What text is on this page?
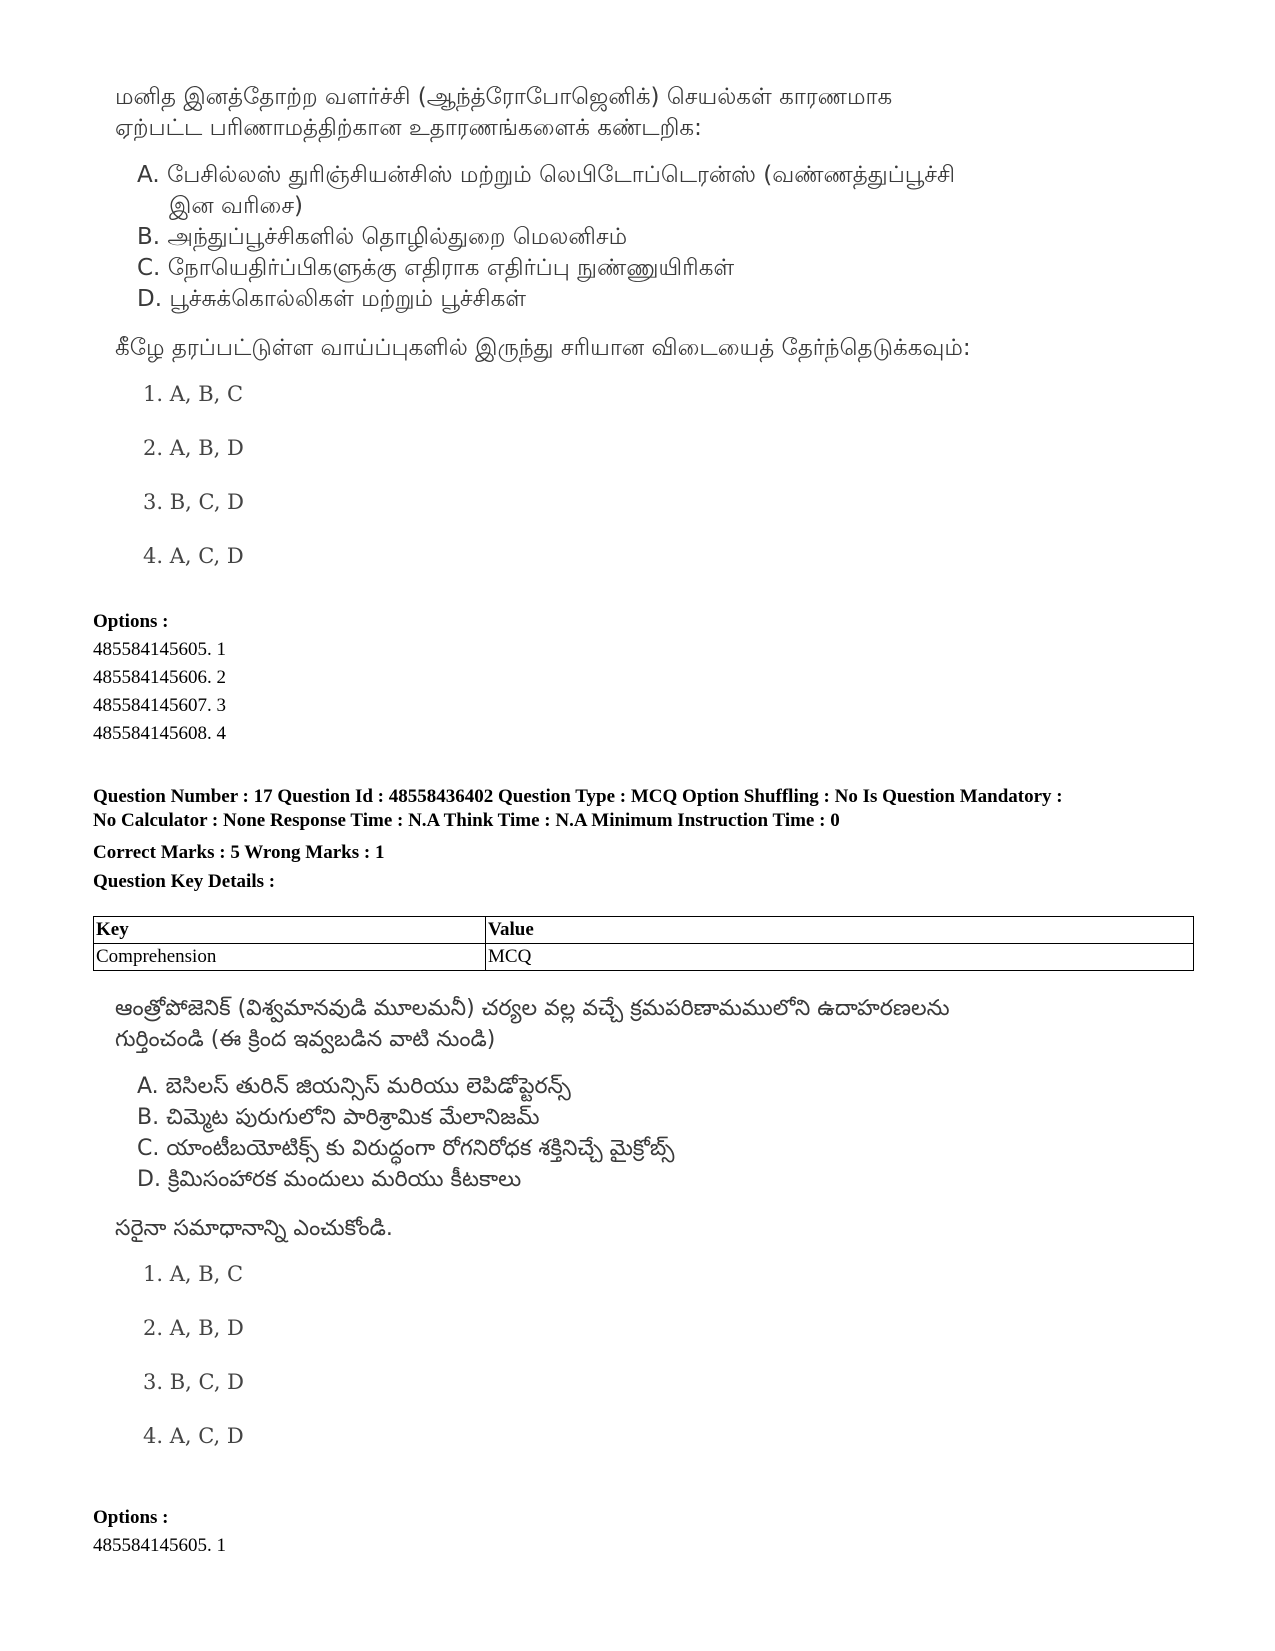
மனித இனத்தோற்ற வளர்ச்சி (ஆந்த்ரோபோஜெனிக்) செயல்கள் காரணமாக
ஏற்பட்ட பரிணாமத்திற்கான உதாரணங்களைக் கண்டறிக:
A. பேசில்லஸ் துரிஞ்சியன்சிஸ் மற்றும் லெபிடோப்டெரன்ஸ் (வண்ணத்துப்பூச்சி
இன வரிசை)
B. அந்துப்பூச்சிகளில் தொழில்துறை மெலனிசம்
C. நோயெதிர்ப்பிகளுக்கு எதிராக எதிர்ப்பு நுண்ணுயிரிகள்
D. பூச்சுக்கொல்லிகள் மற்றும் பூச்சிகள்
கீழே தரப்பட்டுள்ள வாய்ப்புகளில் இருந்து சரியான விடையைத் தேர்ந்தெடுக்கவும்:
1. A, B, C
2. A, B, D
3. B, C, D
4. A, C, D
Options :
485584145605. 1
485584145606. 2
485584145607. 3
485584145608. 4
Question Number : 17 Question Id : 48558436402 Question Type : MCQ Option Shuffling : No Is Question Mandatory :
No Calculator : None Response Time : N.A Think Time : N.A Minimum Instruction Time : 0
Correct Marks : 5 Wrong Marks : 1
Question Key Details :
Key	Value
Comprehension	MCQ
ఆంత్రోపోజెనిక్ (విశ్వమానవుడి మూలమనీ) చర్యల వల్ల వచ్చే క్రమపరిణామములోని ఉదాహరణలను
గుర్తించండి (ఈ క్రింద ఇవ్వబడిన వాటి నుండి)
A. బెసిలస్ తురిన్ జియన్సిస్ మరియు లెపిడోప్టెరన్స్
B. చిమ్మెట పురుగులోని పారిశ్రామిక మేలానిజమ్
C. యాంటీబయోటిక్స్ కు విరుద్ధంగా రోగనిరోధక శక్తినిచ్చే మైక్రోబ్స్
D. క్రిమిసంహారక మందులు మరియు కీటకాలు
సరైనా సమాధానాన్ని ఎంచుకోండి.
1. A, B, C
2. A, B, D
3. B, C, D
4. A, C, D
Options :
485584145605. 1
